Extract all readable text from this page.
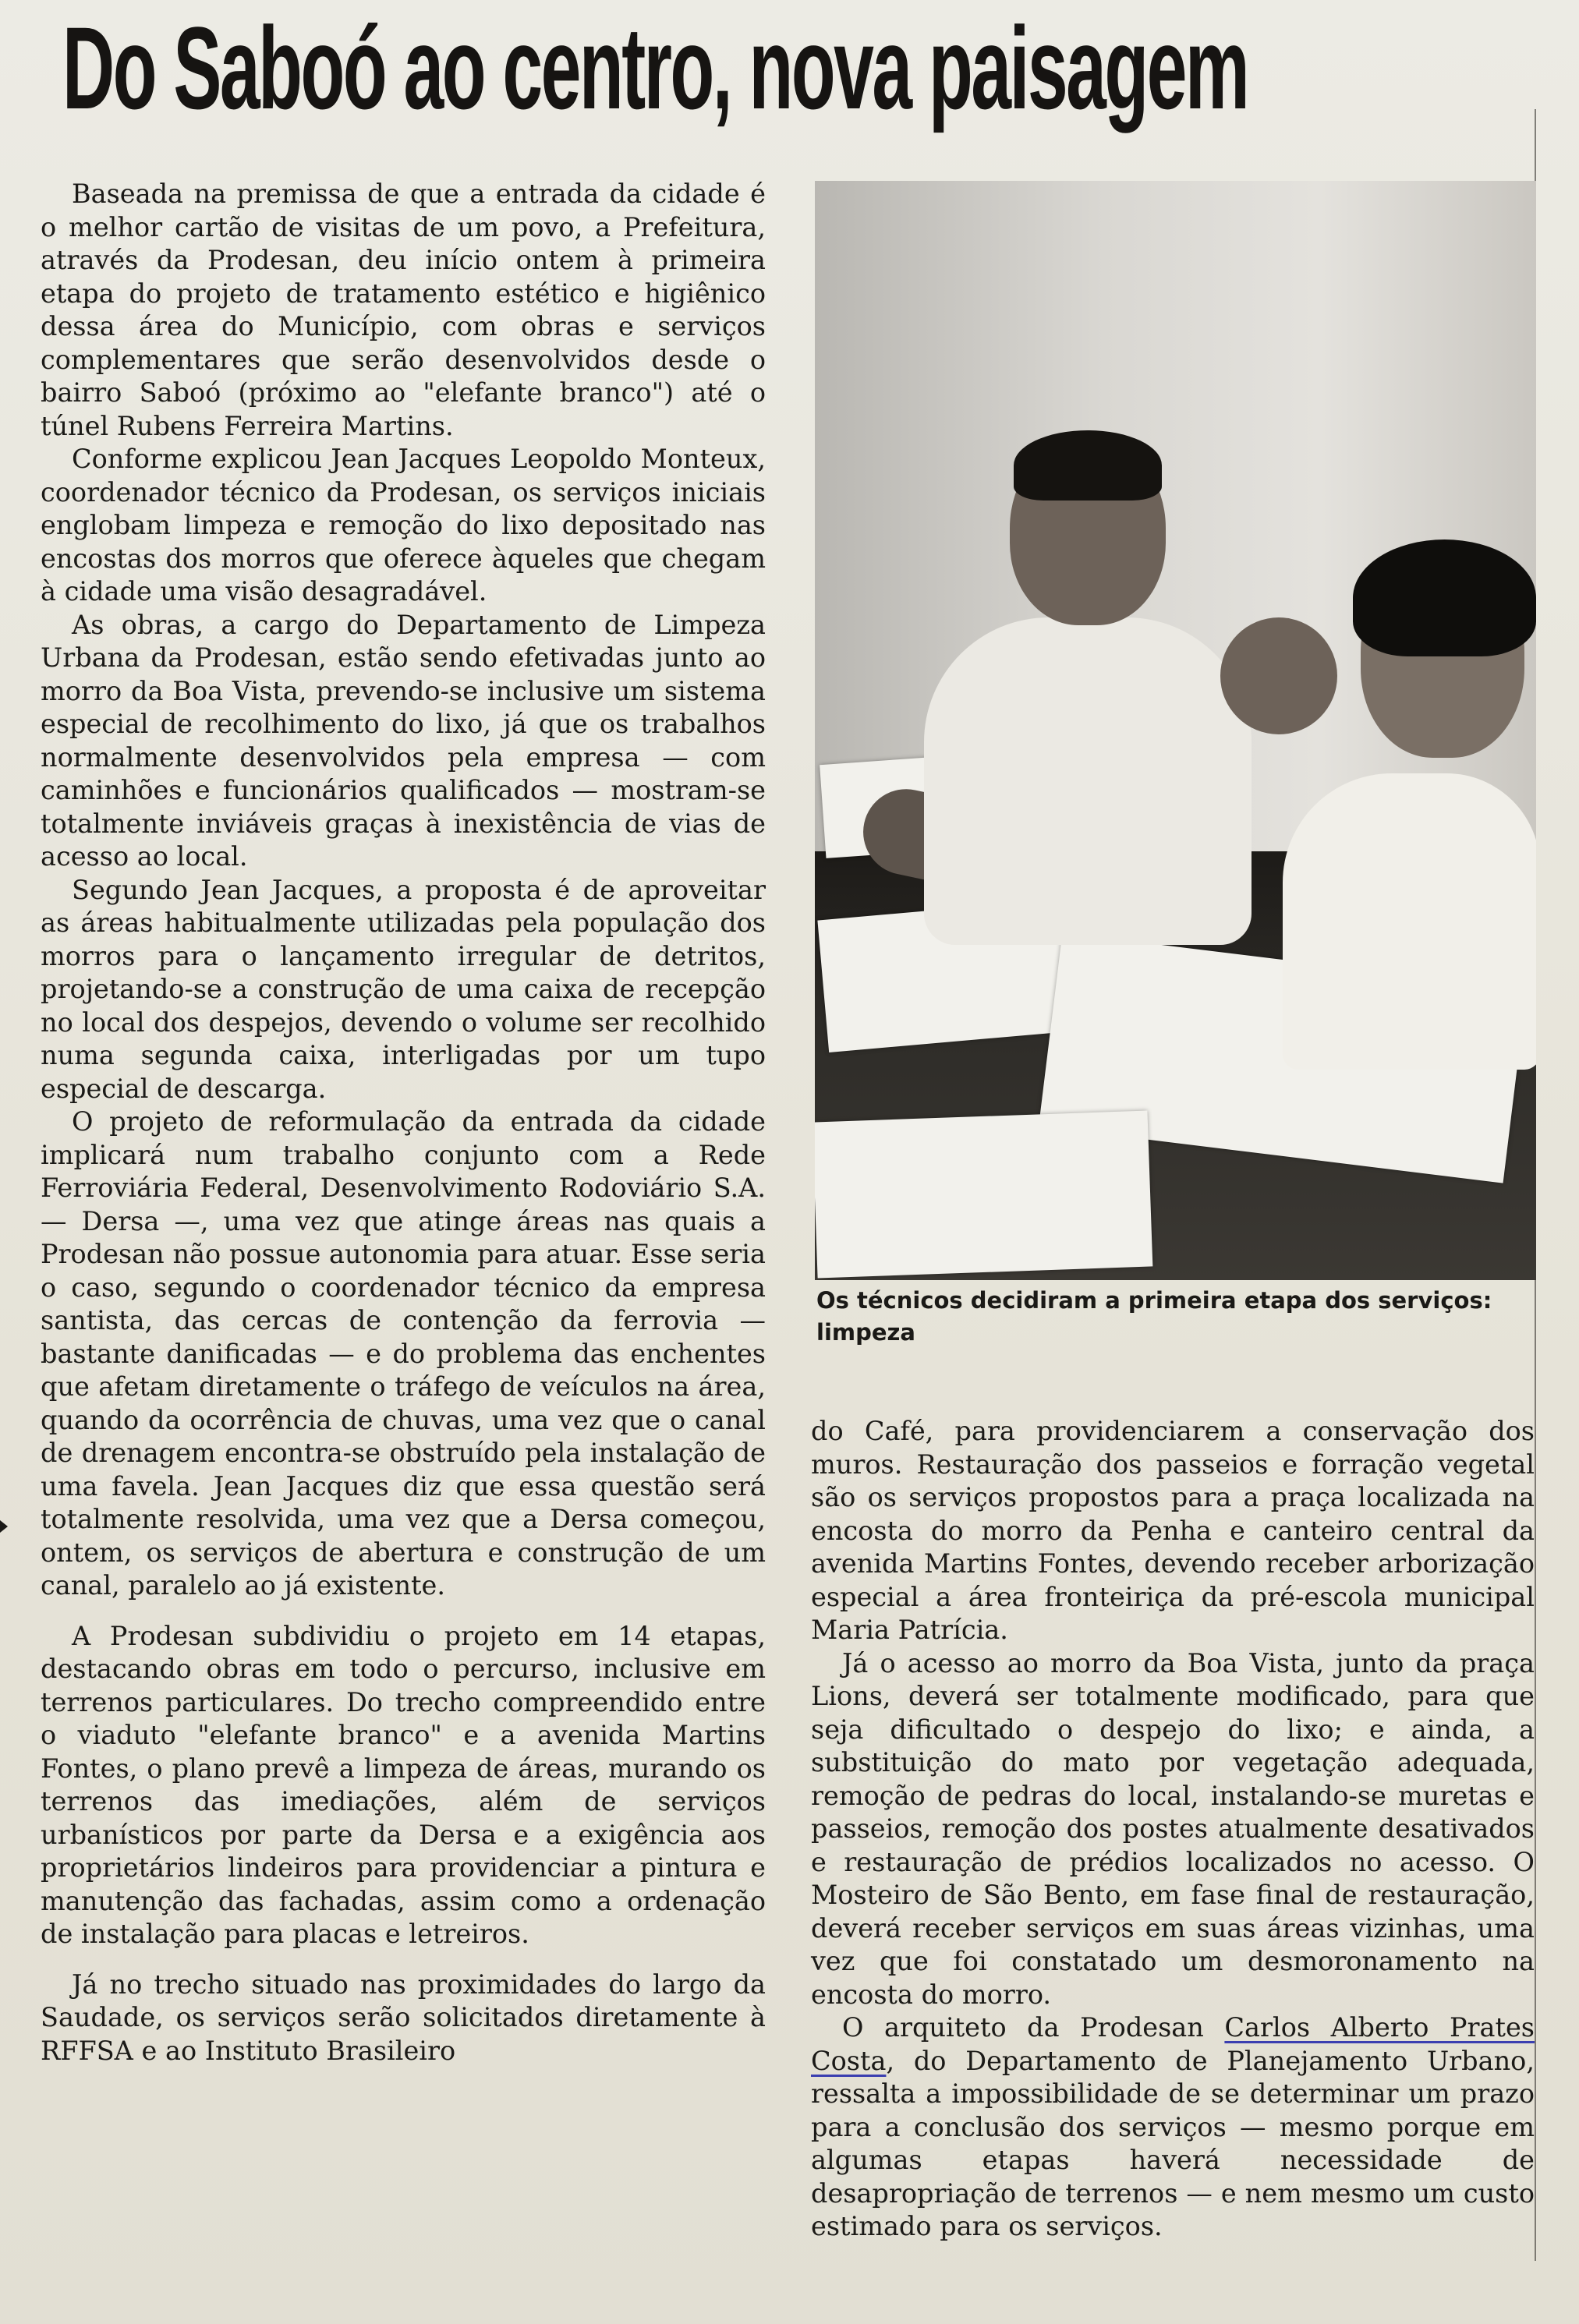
Do Saboó ao centro, nova paisagem

Baseada na premissa de que a entrada da cidade é o melhor cartão de visitas de um povo, a Prefeitura, através da Prodesan, deu início ontem à primeira etapa do projeto de tratamento estético e higiênico dessa área do Município, com obras e serviços complementares que serão desenvolvidos desde o bairro Saboó (próximo ao "elefante branco") até o túnel Rubens Ferreira Martins.

Conforme explicou Jean Jacques Leopoldo Monteux, coordenador técnico da Prodesan, os serviços iniciais englobam limpeza e remoção do lixo depositado nas encostas dos morros que oferece àqueles que chegam à cidade uma visão desagradável.

As obras, a cargo do Departamento de Limpeza Urbana da Prodesan, estão sendo efetivadas junto ao morro da Boa Vista, prevendo-se inclusive um sistema especial de recolhimento do lixo, já que os trabalhos normalmente desenvolvidos pela empresa — com caminhões e funcionários qualificados — mostram-se totalmente inviáveis graças à inexistência de vias de acesso ao local.

Segundo Jean Jacques, a proposta é de aproveitar as áreas habitualmente utilizadas pela população dos morros para o lançamento irregular de detritos, projetando-se a construção de uma caixa de recepção no local dos despejos, devendo o volume ser recolhido numa segunda caixa, interligadas por um tupo especial de descarga.

O projeto de reformulação da entrada da cidade implicará num trabalho conjunto com a Rede Ferroviária Federal, Desenvolvimento Rodoviário S.A. — Dersa —, uma vez que atinge áreas nas quais a Prodesan não possue autonomia para atuar. Esse seria o caso, segundo o coordenador técnico da empresa santista, das cercas de contenção da ferrovia — bastante danificadas — e do problema das enchentes que afetam diretamente o tráfego de veículos na área, quando da ocorrência de chuvas, uma vez que o canal de drenagem encontra-se obstruído pela instalação de uma favela. Jean Jacques diz que essa questão será totalmente resolvida, uma vez que a Dersa começou, ontem, os serviços de abertura e construção de um canal, paralelo ao já existente.

A Prodesan subdividiu o projeto em 14 etapas, destacando obras em todo o percurso, inclusive em terrenos particulares. Do trecho compreendido entre o viaduto "elefante branco" e a avenida Martins Fontes, o plano prevê a limpeza de áreas, murando os terrenos das imediações, além de serviços urbanísticos por parte da Dersa e a exigência aos proprietários lindeiros para providenciar a pintura e manutenção das fachadas, assim como a ordenação de instalação para placas e letreiros.

Já no trecho situado nas proximidades do largo da Saudade, os serviços serão solicitados diretamente à RFFSA e ao Instituto Brasileiro

Os técnicos decidiram a primeira etapa dos serviços: limpeza

do Café, para providenciarem a conservação dos muros. Restauração dos passeios e forração vegetal são os serviços propostos para a praça localizada na encosta do morro da Penha e canteiro central da avenida Martins Fontes, devendo receber arborização especial a área fronteiriça da pré-escola municipal Maria Patrícia.

Já o acesso ao morro da Boa Vista, junto da praça Lions, deverá ser totalmente modificado, para que seja dificultado o despejo do lixo; e ainda, a substituição do mato por vegetação adequada, remoção de pedras do local, instalando-se muretas e passeios, remoção dos postes atualmente desativados e restauração de prédios localizados no acesso. O Mosteiro de São Bento, em fase final de restauração, deverá receber serviços em suas áreas vizinhas, uma vez que foi constatado um desmoronamento na encosta do morro.

O arquiteto da Prodesan Carlos Alberto Prates Costa, do Departamento de Planejamento Urbano, ressalta a impossibilidade de se determinar um prazo para a conclusão dos serviços — mesmo porque em algumas etapas haverá necessidade de desapropriação de terrenos — e nem mesmo um custo estimado para os serviços.
